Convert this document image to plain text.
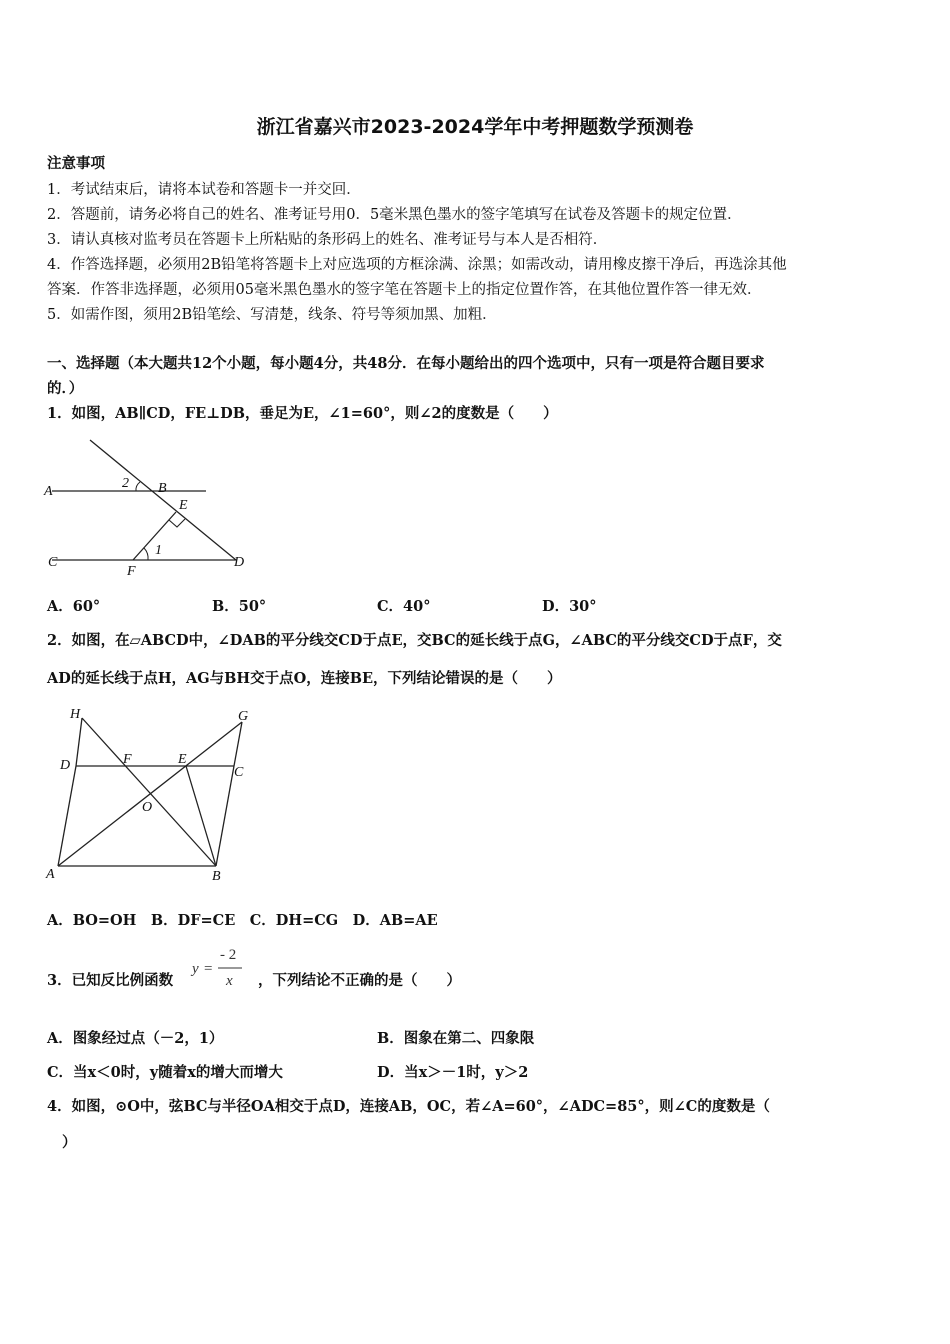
浙江省嘉兴市2023-2024学年中考押题数学预测卷
注意事项
1．考试结束后，请将本试卷和答题卡一并交回．
2．答题前，请务必将自己的姓名、准考证号用0．5毫米黑色墨水的签字笔填写在试卷及答题卡的规定位置．
3．请认真核对监考员在答题卡上所粘贴的条形码上的姓名、准考证号与本人是否相符．
4．作答选择题，必须用2B铅笔将答题卡上对应选项的方框涂满、涂黑；如需改动，请用橡皮擦干净后，再选涂其他
答案．作答非选择题，必须用05毫米黑色墨水的签字笔在答题卡上的指定位置作答，在其他位置作答一律无效．
5．如需作图，须用2B铅笔绘、写清楚，线条、符号等须加黑、加粗．
一、选择题（本大题共12个小题，每小题4分，共48分．在每小题给出的四个选项中，只有一项是符合题目要求
的．）
1．如图，AB∥CD，FE⊥DB，垂足为E，∠1=60°，则∠2的度数是（　　）
A	B
C	D
E
F
1
2
A．60°	B．50°	C．40°	D．30°
2．如图，在▱ABCD中，∠DAB的平分线交CD于点E，交BC的延长线于点G，∠ABC的平分线交CD于点F，交
AD的延长线于点H，AG与BH交于点O，连接BE，下列结论错误的是（　　）
H	G
D	F	E
C
O
A	B
A．BO=OH　B．DF=CE　C．DH=CG　D．AB=AE
3．已知反比例函数
y =
- 2
x ，下列结论不正确的是（　　）
A．图象经过点（－2，1）	B．图象在第二、四象限
C．当x＜0时，y随着x的增大而增大	D．当x＞－1时，y＞2
4．如图，⊙O中，弦BC与半径OA相交于点D，连接AB，OC，若∠A=60°，∠ADC=85°，则∠C的度数是（
）
